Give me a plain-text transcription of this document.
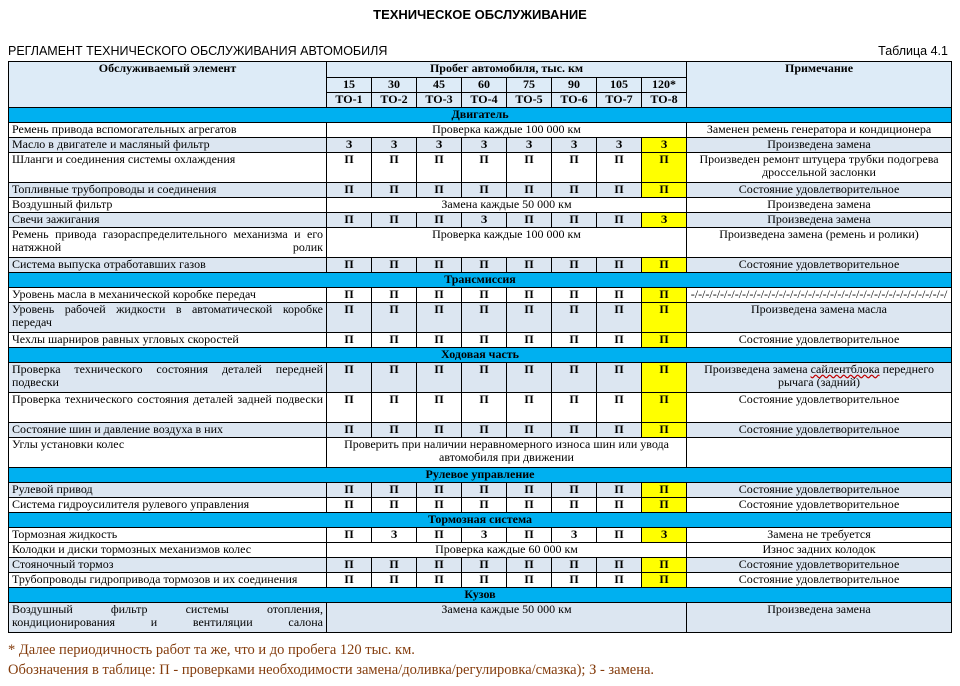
ТЕХНИЧЕСКОЕ ОБСЛУЖИВАНИЕ
РЕГЛАМЕНТ ТЕХНИЧЕСКОГО ОБСЛУЖИВАНИЯ АВТОМОБИЛЯ	Таблица 4.1
Обслуживаемый элемент	Пробег автомобиля, тыс. км								Примечание
	15	30	45	60	75	90	105	120*	
	ТО-1	ТО-2	ТО-3	ТО-4	ТО-5	ТО-6	ТО-7	ТО-8	
Двигатель									
Ремень привода вспомогательных агрегатов	Проверка каждые 100 000 км								Заменен ремень генератора и кондиционера
Масло в двигателе и масляный фильтр	З	З	З	З	З	З	З	З	Произведена замена
Шланги и соединения системы охлаждения	П	П	П	П	П	П	П	П	Произведен ремонт штуцера трубки подогрева дроссельной заслонки
Топливные трубопроводы и соединения	П	П	П	П	П	П	П	П	Состояние удовлетворительное
Воздушный фильтр	Замена каждые 50 000 км								Произведена замена
Свечи зажигания	П	П	П	З	П	П	П	З	Произведена замена
Ремень привода газораспределительного механизма и его натяжной ролик	Проверка каждые 100 000 км								Произведена замена (ремень и ролики)
Система выпуска отработавших газов	П	П	П	П	П	П	П	П	Состояние удовлетворительное
Трансмиссия									
Уровень масла в механической коробке передач	П	П	П	П	П	П	П	П	-/-/-/-/-/-/-/-/-/-/-/-/-/-/-/-/-/-/-/-/-/-/-/-/-/-/-/-/-/-/-/-/-/-/-/
Уровень рабочей жидкости в автоматической коробке передач	П	П	П	П	П	П	П	П	Произведена замена масла
Чехлы шарниров равных угловых скоростей	П	П	П	П	П	П	П	П	Состояние удовлетворительное
Ходовая часть									
Проверка технического состояния деталей передней подвески	П	П	П	П	П	П	П	П	Произведена замена сайлентблока переднего рычага (задний)
Проверка технического состояния деталей задней подвески	П	П	П	П	П	П	П	П	Состояние удовлетворительное
Состояние шин и давление воздуха в них	П	П	П	П	П	П	П	П	Состояние удовлетворительное
Углы установки колес	Проверить при наличии неравномерного износа шин или увода автомобиля при движении								
Рулевое управление									
Рулевой привод	П	П	П	П	П	П	П	П	Состояние удовлетворительное
Система гидроусилителя рулевого управления	П	П	П	П	П	П	П	П	Состояние удовлетворительное
Тормозная система									
Тормозная жидкость	П	З	П	З	П	З	П	З	Замена не требуется
Колодки и диски тормозных механизмов колес	Проверка каждые 60 000 км								Износ задних колодок
Стояночный тормоз	П	П	П	П	П	П	П	П	Состояние удовлетворительное
Трубопроводы гидропривода тормозов и их соединения	П	П	П	П	П	П	П	П	Состояние удовлетворительное
Кузов									
Воздушный фильтр системы отопления, кондиционирования и вентиляции салона	Замена каждые 50 000 км								Произведена замена
* Далее периодичность работ та же, что и до пробега 120 тыс. км.
Обозначения в таблице: П - проверками необходимости замена/доливка/регулировка/смазка); З - замена.
